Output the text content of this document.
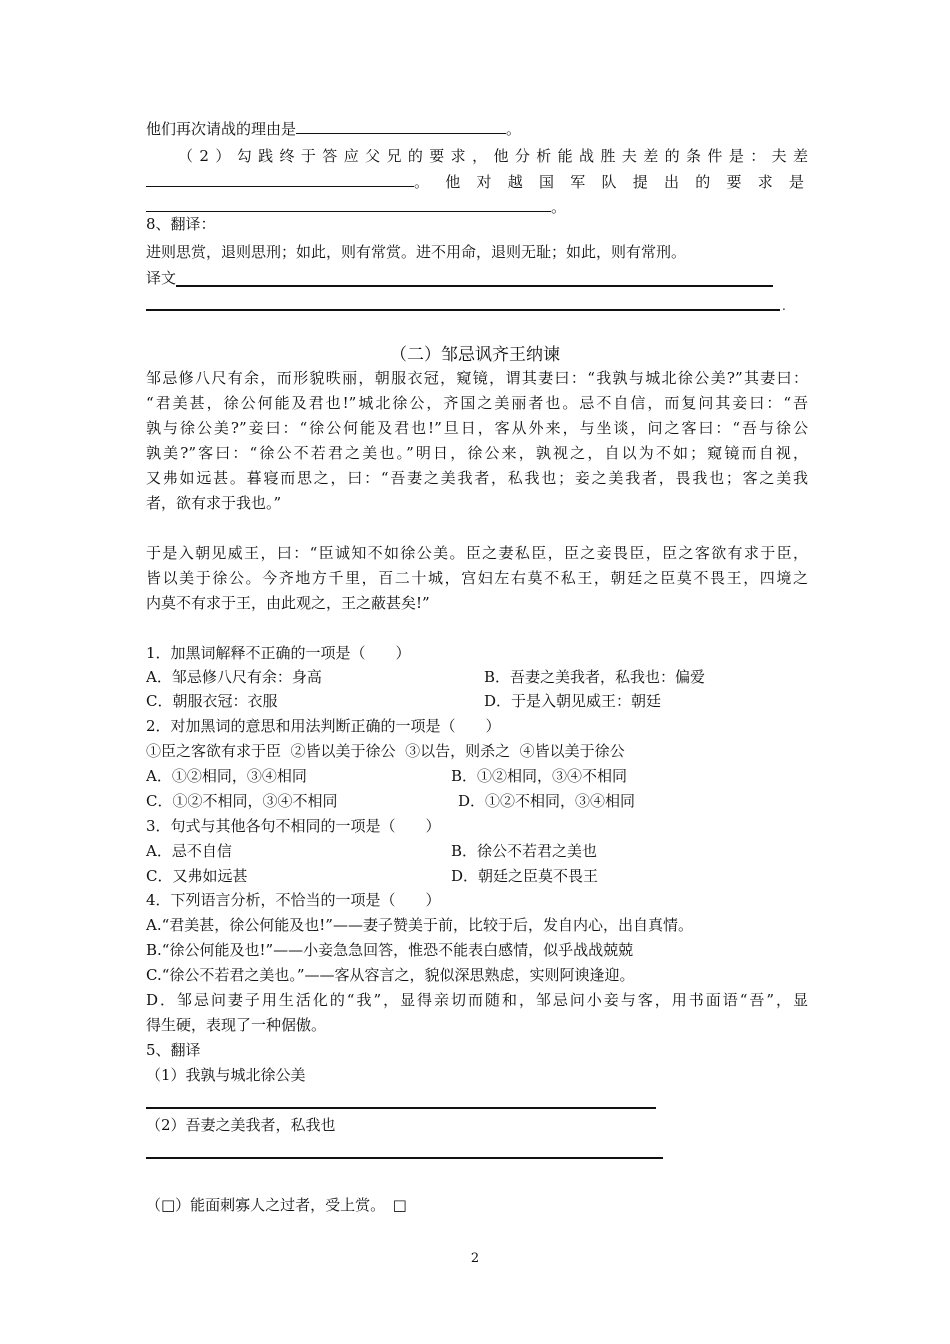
他们再次请战的理由是	。
（2）勾践终于答应父兄的要求，他分析能战胜夫差的条件是：夫差
。他对越国军队提出的要求是
。
8、翻译：
进则思赏，退则思刑；如此，则有常赏。进不用命，退则无耻；如此，则有常刑。
译文
.
（二）邹忌讽齐王纳谏
邹忌修八尺有余，而形貌昳丽，朝服衣冠，窥镜，谓其妻曰：“我孰与城北徐公美?”其妻曰：
“君美甚，徐公何能及君也!”城北徐公，齐国之美丽者也。忌不自信，而复问其妾曰：“吾
孰与徐公美?”妾曰：“徐公何能及君也!”旦日，客从外来，与坐谈，问之客曰：“吾与徐公
孰美?”客曰：“徐公不若君之美也。”明日，徐公来，孰视之，自以为不如；窥镜而自视，
又弗如远甚。暮寝而思之，曰：“吾妻之美我者，私我也；妾之美我者，畏我也；客之美我
者，欲有求于我也。”
于是入朝见威王，曰：“臣诚知不如徐公美。臣之妻私臣，臣之妾畏臣，臣之客欲有求于臣，
皆以美于徐公。今齐地方千里，百二十城，宫妇左右莫不私王，朝廷之臣莫不畏王，四境之
内莫不有求于王，由此观之，王之蔽甚矣!”
1．加黑词解释不正确的一项是（　　）
A．邹忌修八尺有余：身高	B．吾妻之美我者，私我也：偏爱
C．朝服衣冠：衣服	D．于是入朝见威王：朝廷
2．对加黑词的意思和用法判断正确的一项是（　　）
①臣之客欲有求于臣  ②皆以美于徐公  ③以告，则杀之  ④皆以美于徐公
A．①②相同，③④相同	B．①②相同，③④不相同
C．①②不相同，③④不相同	D．①②不相同，③④相同
3．句式与其他各句不相同的一项是（　　）
A．忌不自信	B．徐公不若君之美也
C．又弗如远甚	D．朝廷之臣莫不畏王
4．下列语言分析，不恰当的一项是（　　）
A.“君美甚，徐公何能及也!”——妻子赞美于前，比较于后，发自内心，出自真情。
B.“徐公何能及也!”——小妾急急回答，惟恐不能表白感情，似乎战战兢兢
C.“徐公不若君之美也。”——客从容言之，貌似深思熟虑，实则阿谀逢迎。
D．邹忌问妻子用生活化的“我”，显得亲切而随和，邹忌问小妾与客，用书面语“吾”，显
得生硬，表现了一种倨傲。
5、翻译
（1）我孰与城北徐公美
（2）吾妻之美我者，私我也
（□）能面刺寡人之过者，受上赏。　□
2
